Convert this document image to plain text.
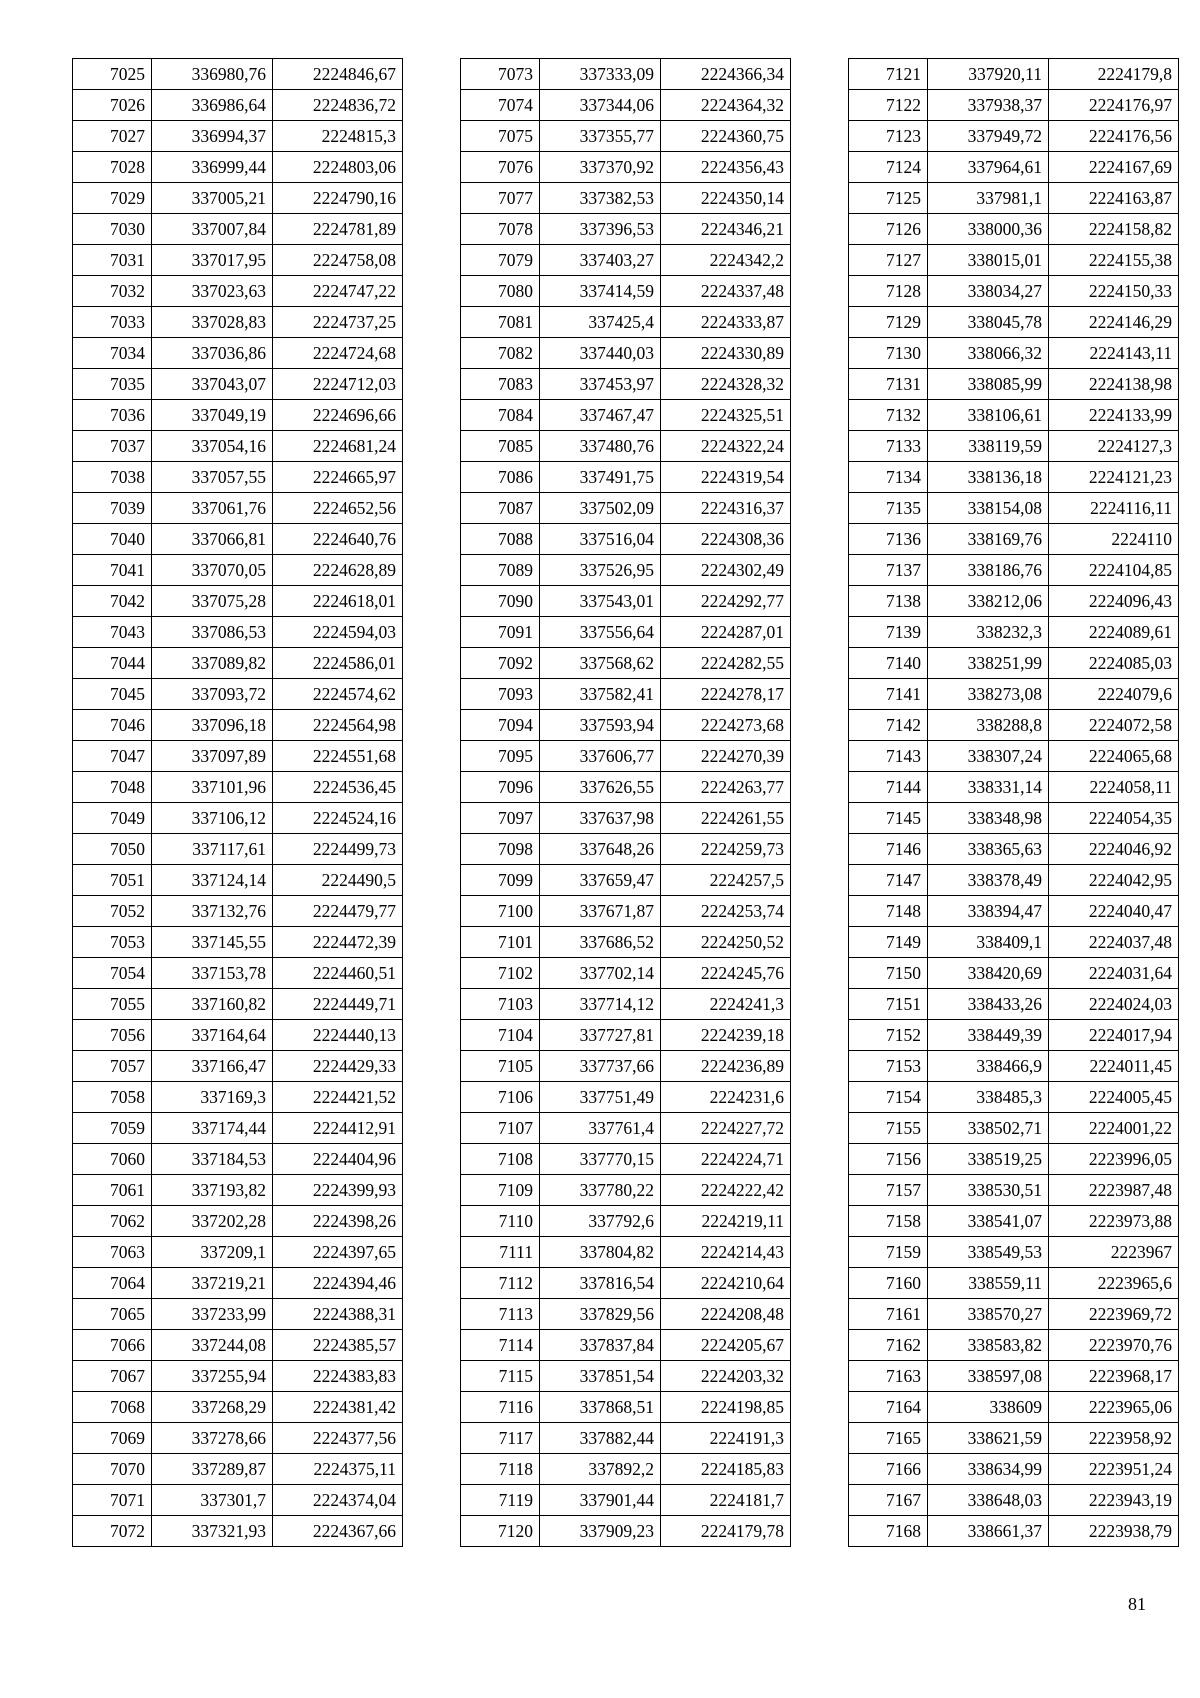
7025	336980,76	2224846,67
7026	336986,64	2224836,72
7027	336994,37	2224815,3
7028	336999,44	2224803,06
7029	337005,21	2224790,16
7030	337007,84	2224781,89
7031	337017,95	2224758,08
7032	337023,63	2224747,22
7033	337028,83	2224737,25
7034	337036,86	2224724,68
7035	337043,07	2224712,03
7036	337049,19	2224696,66
7037	337054,16	2224681,24
7038	337057,55	2224665,97
7039	337061,76	2224652,56
7040	337066,81	2224640,76
7041	337070,05	2224628,89
7042	337075,28	2224618,01
7043	337086,53	2224594,03
7044	337089,82	2224586,01
7045	337093,72	2224574,62
7046	337096,18	2224564,98
7047	337097,89	2224551,68
7048	337101,96	2224536,45
7049	337106,12	2224524,16
7050	337117,61	2224499,73
7051	337124,14	2224490,5
7052	337132,76	2224479,77
7053	337145,55	2224472,39
7054	337153,78	2224460,51
7055	337160,82	2224449,71
7056	337164,64	2224440,13
7057	337166,47	2224429,33
7058	337169,3	2224421,52
7059	337174,44	2224412,91
7060	337184,53	2224404,96
7061	337193,82	2224399,93
7062	337202,28	2224398,26
7063	337209,1	2224397,65
7064	337219,21	2224394,46
7065	337233,99	2224388,31
7066	337244,08	2224385,57
7067	337255,94	2224383,83
7068	337268,29	2224381,42
7069	337278,66	2224377,56
7070	337289,87	2224375,11
7071	337301,7	2224374,04
7072	337321,93	2224367,66
7073	337333,09	2224366,34
7074	337344,06	2224364,32
7075	337355,77	2224360,75
7076	337370,92	2224356,43
7077	337382,53	2224350,14
7078	337396,53	2224346,21
7079	337403,27	2224342,2
7080	337414,59	2224337,48
7081	337425,4	2224333,87
7082	337440,03	2224330,89
7083	337453,97	2224328,32
7084	337467,47	2224325,51
7085	337480,76	2224322,24
7086	337491,75	2224319,54
7087	337502,09	2224316,37
7088	337516,04	2224308,36
7089	337526,95	2224302,49
7090	337543,01	2224292,77
7091	337556,64	2224287,01
7092	337568,62	2224282,55
7093	337582,41	2224278,17
7094	337593,94	2224273,68
7095	337606,77	2224270,39
7096	337626,55	2224263,77
7097	337637,98	2224261,55
7098	337648,26	2224259,73
7099	337659,47	2224257,5
7100	337671,87	2224253,74
7101	337686,52	2224250,52
7102	337702,14	2224245,76
7103	337714,12	2224241,3
7104	337727,81	2224239,18
7105	337737,66	2224236,89
7106	337751,49	2224231,6
7107	337761,4	2224227,72
7108	337770,15	2224224,71
7109	337780,22	2224222,42
7110	337792,6	2224219,11
7111	337804,82	2224214,43
7112	337816,54	2224210,64
7113	337829,56	2224208,48
7114	337837,84	2224205,67
7115	337851,54	2224203,32
7116	337868,51	2224198,85
7117	337882,44	2224191,3
7118	337892,2	2224185,83
7119	337901,44	2224181,7
7120	337909,23	2224179,78
7121	337920,11	2224179,8
7122	337938,37	2224176,97
7123	337949,72	2224176,56
7124	337964,61	2224167,69
7125	337981,1	2224163,87
7126	338000,36	2224158,82
7127	338015,01	2224155,38
7128	338034,27	2224150,33
7129	338045,78	2224146,29
7130	338066,32	2224143,11
7131	338085,99	2224138,98
7132	338106,61	2224133,99
7133	338119,59	2224127,3
7134	338136,18	2224121,23
7135	338154,08	2224116,11
7136	338169,76	2224110
7137	338186,76	2224104,85
7138	338212,06	2224096,43
7139	338232,3	2224089,61
7140	338251,99	2224085,03
7141	338273,08	2224079,6
7142	338288,8	2224072,58
7143	338307,24	2224065,68
7144	338331,14	2224058,11
7145	338348,98	2224054,35
7146	338365,63	2224046,92
7147	338378,49	2224042,95
7148	338394,47	2224040,47
7149	338409,1	2224037,48
7150	338420,69	2224031,64
7151	338433,26	2224024,03
7152	338449,39	2224017,94
7153	338466,9	2224011,45
7154	338485,3	2224005,45
7155	338502,71	2224001,22
7156	338519,25	2223996,05
7157	338530,51	2223987,48
7158	338541,07	2223973,88
7159	338549,53	2223967
7160	338559,11	2223965,6
7161	338570,27	2223969,72
7162	338583,82	2223970,76
7163	338597,08	2223968,17
7164	338609	2223965,06
7165	338621,59	2223958,92
7166	338634,99	2223951,24
7167	338648,03	2223943,19
7168	338661,37	2223938,79
81
